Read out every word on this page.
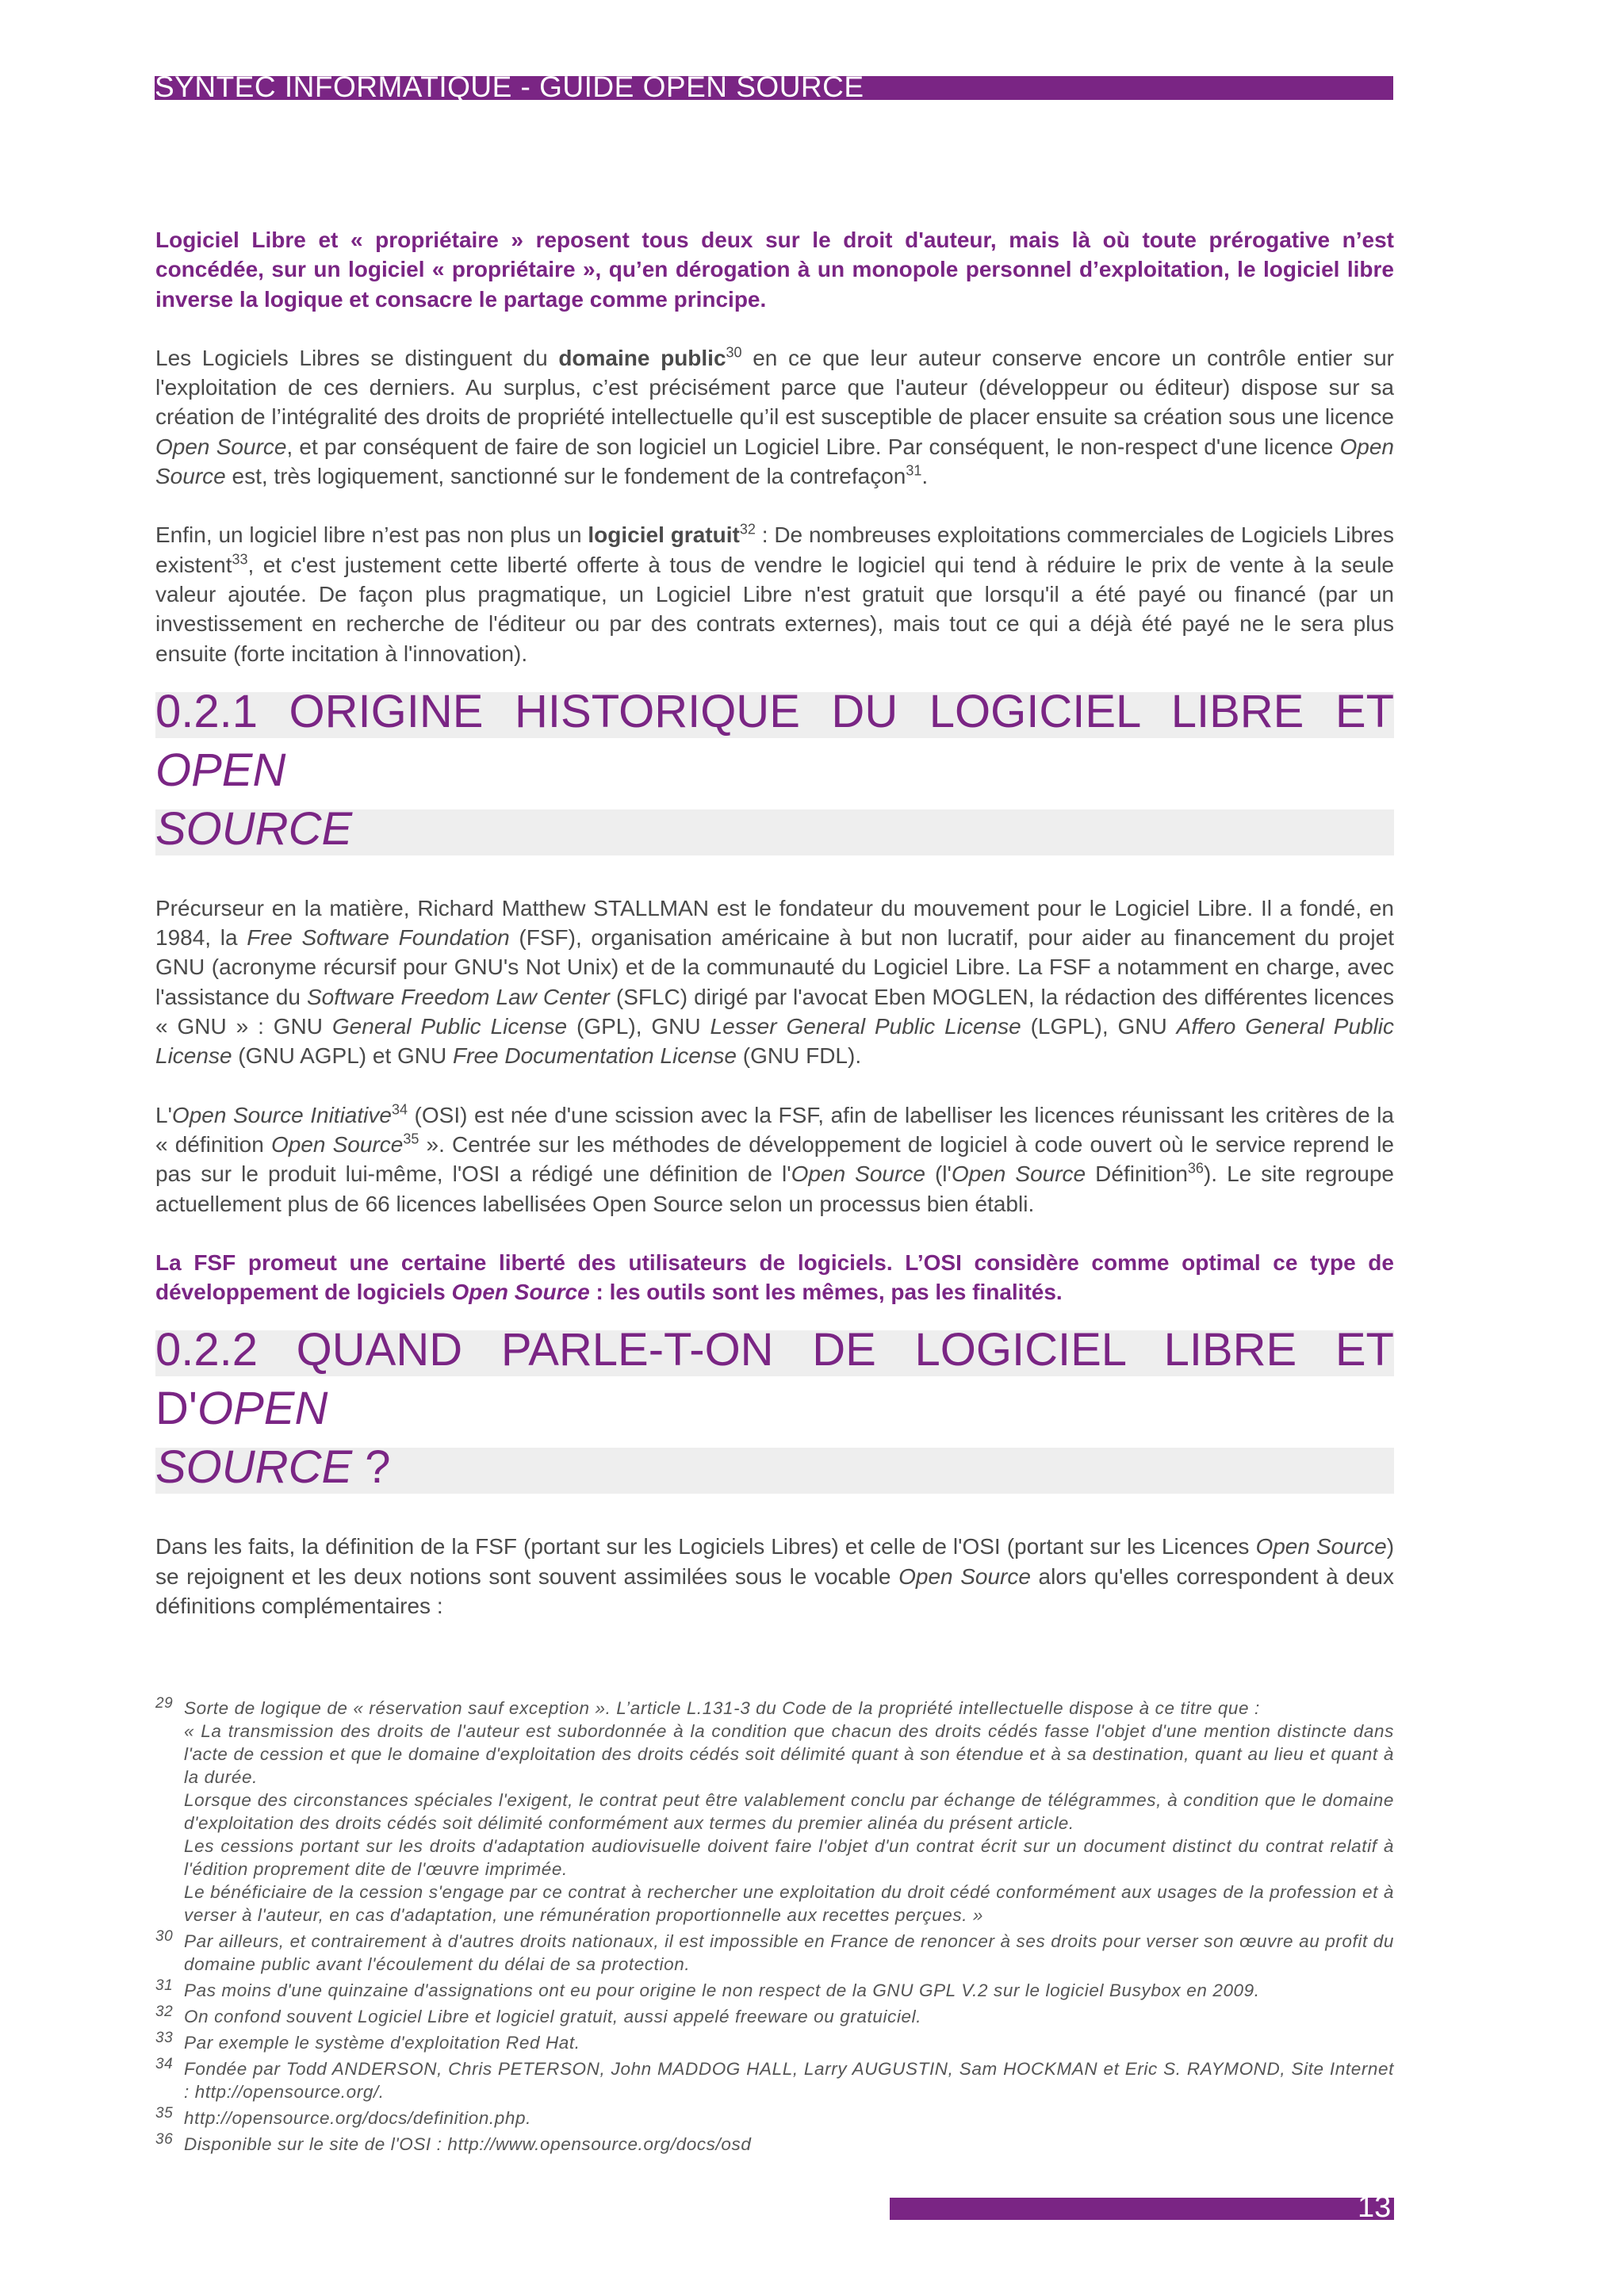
SYNTEC INFORMATIQUE - GUIDE OPEN SOURCE

Logiciel Libre et « propriétaire » reposent tous deux sur le droit d'auteur, mais là où toute prérogative n’est concédée, sur un logiciel « propriétaire », qu’en dérogation à un monopole personnel d’exploitation, le logiciel libre inverse la logique et consacre le partage comme principe.

Les Logiciels Libres se distinguent du domaine public$^{30}$ en ce que leur auteur conserve encore un contrôle entier sur l'exploitation de ces derniers. Au surplus, c’est précisément parce que l'auteur (développeur ou éditeur) dispose sur sa création de l’intégralité des droits de propriété intellectuelle qu’il est susceptible de placer ensuite sa création sous une licence Open Source, et par conséquent de faire de son logiciel un Logiciel Libre. Par conséquent, le non-respect d'une licence Open Source est, très logiquement, sanctionné sur le fondement de la contrefaçon$^{31}$.

Enfin, un logiciel libre n’est pas non plus un logiciel gratuit$^{32}$ : De nombreuses exploitations commerciales de Logiciels Libres existent$^{33}$, et c'est justement cette liberté offerte à tous de vendre le logiciel qui tend à réduire le prix de vente à la seule valeur ajoutée. De façon plus pragmatique, un Logiciel Libre n'est gratuit que lorsqu'il a été payé ou financé (par un investissement en recherche de l'éditeur ou par des contrats externes), mais tout ce qui a déjà été payé ne le sera plus ensuite (forte incitation à l'innovation).

0.2.1 ORIGINE HISTORIQUE DU LOGICIEL LIBRE ET OPEN
SOURCE

Précurseur en la matière, Richard Matthew STALLMAN est le fondateur du mouvement pour le Logiciel Libre. Il a fondé, en 1984, la Free Software Foundation (FSF), organisation américaine à but non lucratif, pour aider au financement du projet GNU (acronyme récursif pour GNU's Not Unix) et de la communauté du Logiciel Libre. La FSF a notamment en charge, avec l'assistance du Software Freedom Law Center (SFLC) dirigé par l'avocat Eben MOGLEN, la rédaction des différentes licences « GNU » : GNU General Public License (GPL), GNU Lesser General Public License (LGPL), GNU Affero General Public License (GNU AGPL) et GNU Free Documentation License (GNU FDL).

L'Open Source Initiative$^{34}$ (OSI) est née d'une scission avec la FSF, afin de labelliser les licences réunissant les critères de la « définition Open Source$^{35}$ ». Centrée sur les méthodes de développement de logiciel à code ouvert où le service reprend le pas sur le produit lui-même, l'OSI a rédigé une définition de l'Open Source (l'Open Source Définition$^{36}$). Le site regroupe actuellement plus de 66 licences labellisées Open Source selon un processus bien établi.

La FSF promeut une certaine liberté des utilisateurs de logiciels. L’OSI considère comme optimal ce type de développement de logiciels Open Source : les outils sont les mêmes, pas les finalités.

0.2.2 QUAND PARLE-T-ON DE LOGICIEL LIBRE ET D'OPEN
SOURCE ?

Dans les faits, la définition de la FSF (portant sur les Logiciels Libres) et celle de l'OSI (portant sur les Licences Open Source) se rejoignent et les deux notions sont souvent assimilées sous le vocable Open Source alors qu'elles correspondent à deux définitions complémentaires :

29 Sorte de logique de « réservation sauf exception ». L’article L.131-3 du Code de la propriété intellectuelle dispose à ce titre que :
« La transmission des droits de l'auteur est subordonnée à la condition que chacun des droits cédés fasse l'objet d'une mention distincte dans l'acte de cession et que le domaine d'exploitation des droits cédés soit délimité quant à son étendue et à sa destination, quant au lieu et quant à la durée.
Lorsque des circonstances spéciales l'exigent, le contrat peut être valablement conclu par échange de télégrammes, à condition que le domaine d'exploitation des droits cédés soit délimité conformément aux termes du premier alinéa du présent article.
Les cessions portant sur les droits d'adaptation audiovisuelle doivent faire l'objet d'un contrat écrit sur un document distinct du contrat relatif à l'édition proprement dite de l'œuvre imprimée.
Le bénéficiaire de la cession s'engage par ce contrat à rechercher une exploitation du droit cédé conformément aux usages de la profession et à verser à l'auteur, en cas d'adaptation, une rémunération proportionnelle aux recettes perçues. »
30 Par ailleurs, et contrairement à d'autres droits nationaux, il est impossible en France de renoncer à ses droits pour verser son œuvre au profit du domaine public avant l'écoulement du délai de sa protection.
31 Pas moins d'une quinzaine d'assignations ont eu pour origine le non respect de la GNU GPL V.2 sur le logiciel Busybox en 2009.
32 On confond souvent Logiciel Libre et logiciel gratuit, aussi appelé freeware ou gratuiciel.
33 Par exemple le système d'exploitation Red Hat.
34 Fondée par Todd ANDERSON, Chris PETERSON, John MADDOG HALL, Larry AUGUSTIN, Sam HOCKMAN et Eric S. RAYMOND, Site Internet : http://opensource.org/.
35 http://opensource.org/docs/definition.php.
36 Disponible sur le site de l'OSI : http://www.opensource.org/docs/osd
13
